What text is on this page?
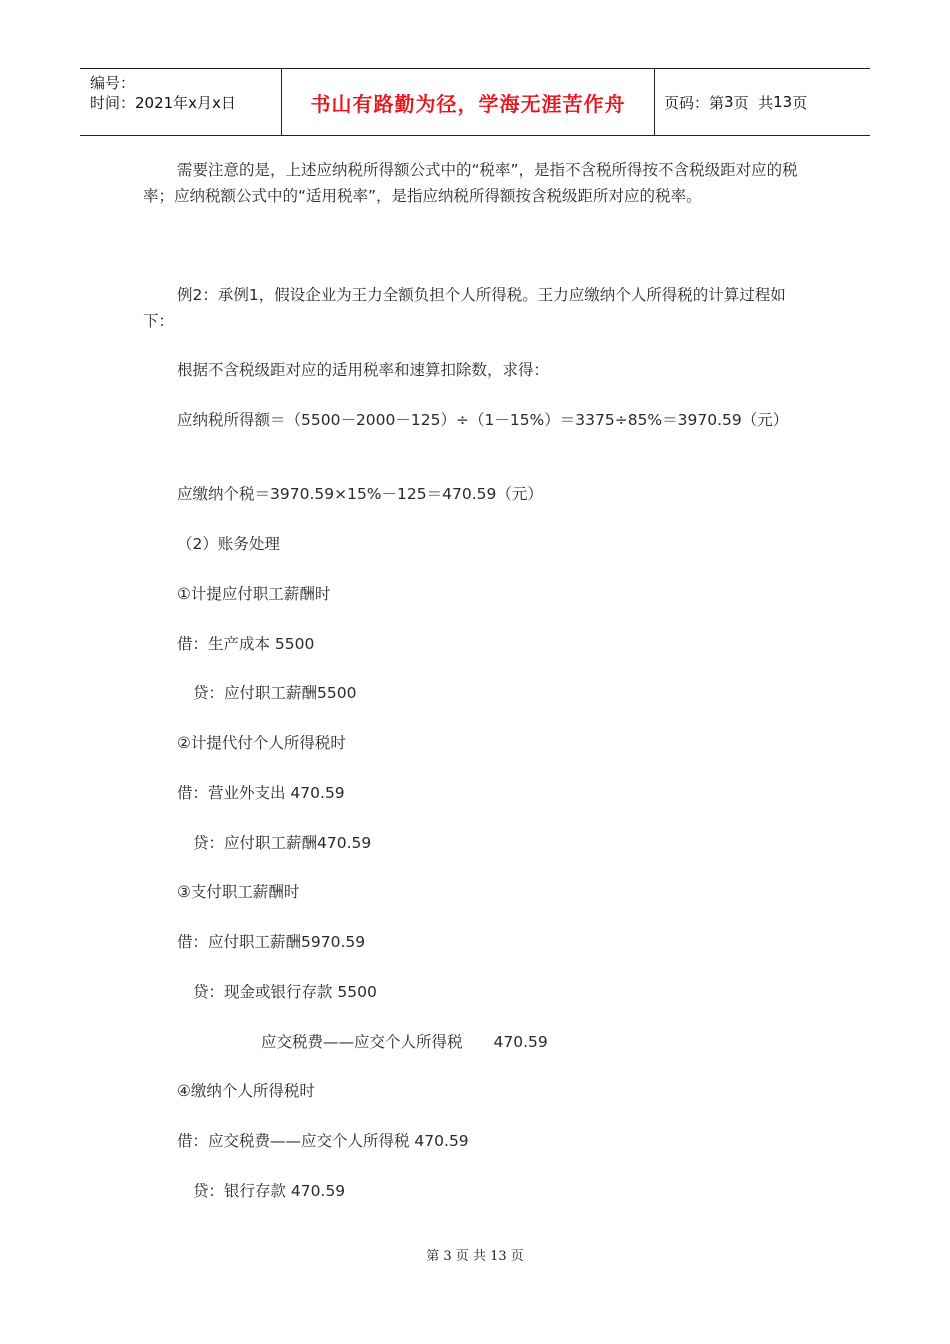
编号：
时间：2021年x月x日	书山有路勤为径，学海无涯苦作舟	页码：第 3 页  共 13 页
需要注意的是，上述应纳税所得额公式中的“税率”，是指不含税所得按不含税级距对应的税率；应纳税额公式中的“适用税率”，是指应纳税所得额按含税级距所对应的税率。
例2：承例1，假设企业为王力全额负担个人所得税。王力应缴纳个人所得税的计算过程如下：
根据不含税级距对应的适用税率和速算扣除数，求得：
应纳税所得额＝（5500－2000－125）÷（1－15%）＝3375÷85%＝3970.59（元）
应缴纳个税＝3970.59×15%－125＝470.59（元）
（2）账务处理
①计提应付职工薪酬时
借：生产成本 5500
贷：应付职工薪酬5500
②计提代付个人所得税时
借：营业外支出 470.59
贷：应付职工薪酬470.59
③支付职工薪酬时
借：应付职工薪酬5970.59
贷：现金或银行存款 5500
应交税费——应交个人所得税　　470.59
④缴纳个人所得税时
借：应交税费——应交个人所得税 470.59
贷：银行存款 470.59
第 3 页 共 13 页
